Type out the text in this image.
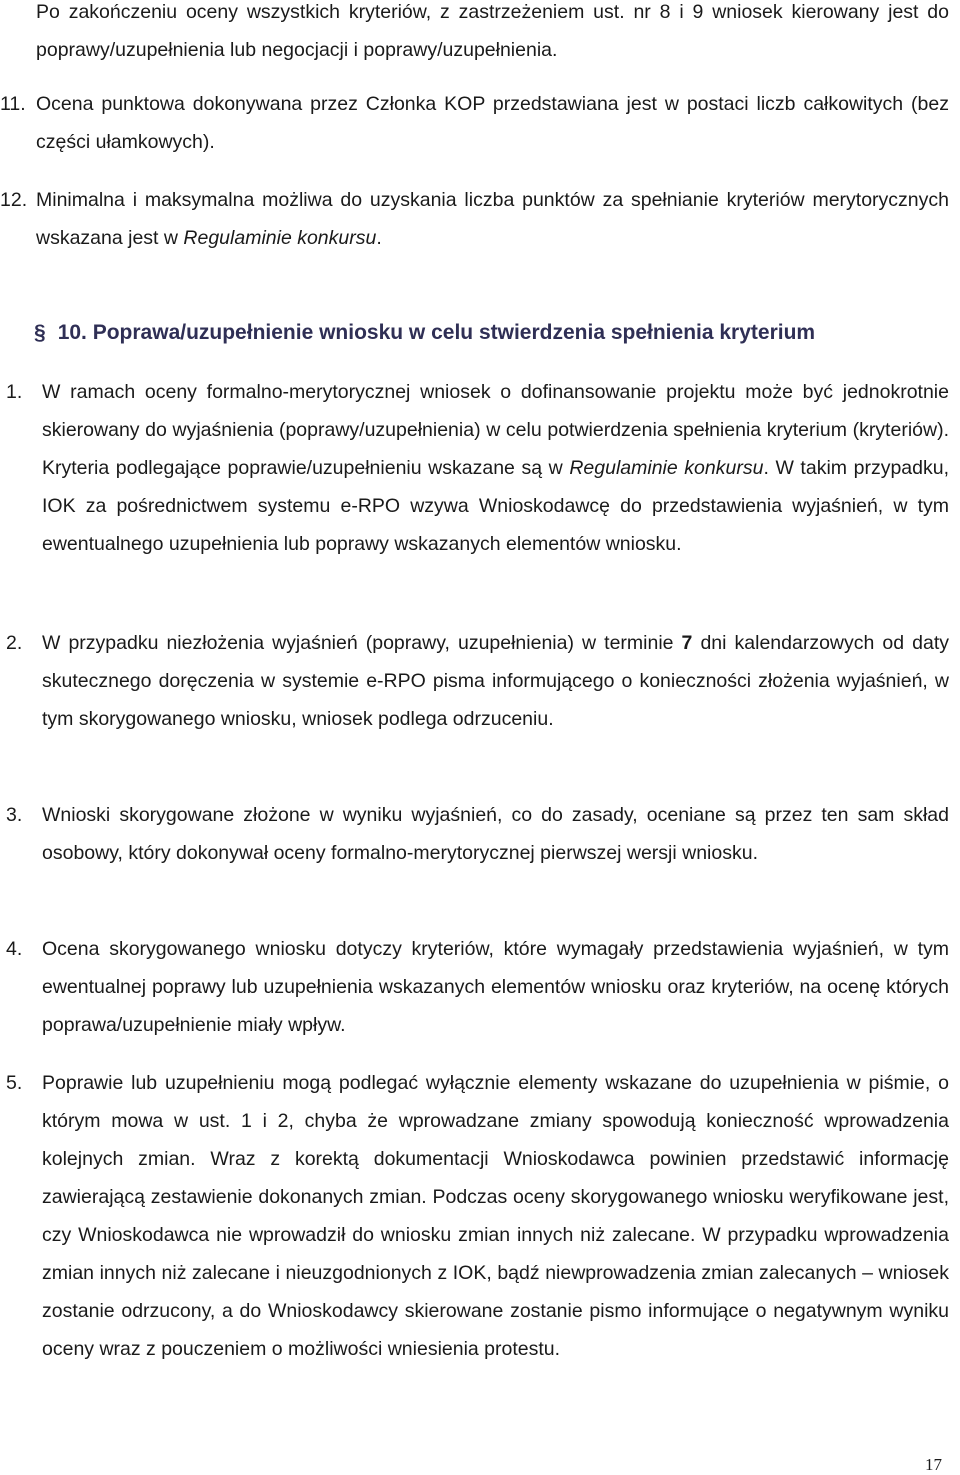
Po zakończeniu oceny wszystkich kryteriów, z zastrzeżeniem ust. nr 8 i 9 wniosek kierowany jest do poprawy/uzupełnienia lub negocjacji i poprawy/uzupełnienia.
11. Ocena punktowa dokonywana przez Członka KOP przedstawiana jest w postaci liczb całkowitych (bez części ułamkowych).
12. Minimalna i maksymalna możliwa do uzyskania liczba punktów za spełnianie kryteriów merytorycznych wskazana jest w Regulaminie konkursu.
§ 10. Poprawa/uzupełnienie wniosku w celu stwierdzenia spełnienia kryterium
1. W ramach oceny formalno-merytorycznej wniosek o dofinansowanie projektu może być jednokrotnie skierowany do wyjaśnienia (poprawy/uzupełnienia) w celu potwierdzenia spełnienia kryterium (kryteriów). Kryteria podlegające poprawie/uzupełnieniu wskazane są w Regulaminie konkursu. W takim przypadku, IOK za pośrednictwem systemu e-RPO wzywa Wnioskodawcę do przedstawienia wyjaśnień, w tym ewentualnego uzupełnienia lub poprawy wskazanych elementów wniosku.
2. W przypadku niezłożenia wyjaśnień (poprawy, uzupełnienia) w terminie 7 dni kalendarzowych od daty skutecznego doręczenia w systemie e-RPO pisma informującego o konieczności złożenia wyjaśnień, w tym skorygowanego wniosku, wniosek podlega odrzuceniu.
3. Wnioski skorygowane złożone w wyniku wyjaśnień, co do zasady, oceniane są przez ten sam skład osobowy, który dokonywał oceny formalno-merytorycznej pierwszej wersji wniosku.
4. Ocena skorygowanego wniosku dotyczy kryteriów, które wymagały przedstawienia wyjaśnień, w tym ewentualnej poprawy lub uzupełnienia wskazanych elementów wniosku oraz kryteriów, na ocenę których poprawa/uzupełnienie miały wpływ.
5. Poprawie lub uzupełnieniu mogą podlegać wyłącznie elementy wskazane do uzupełnienia w piśmie, o którym mowa w ust. 1 i 2, chyba że wprowadzane zmiany spowodują konieczność wprowadzenia kolejnych zmian. Wraz z korektą dokumentacji Wnioskodawca powinien przedstawić informację zawierającą zestawienie dokonanych zmian. Podczas oceny skorygowanego wniosku weryfikowane jest, czy Wnioskodawca nie wprowadził do wniosku zmian innych niż zalecane. W przypadku wprowadzenia zmian innych niż zalecane i nieuzgodnionych z IOK, bądź niewprowadzenia zmian zalecanych – wniosek zostanie odrzucony, a do Wnioskodawcy skierowane zostanie pismo informujące o negatywnym wyniku oceny wraz z pouczeniem o możliwości wniesienia protestu.
17
